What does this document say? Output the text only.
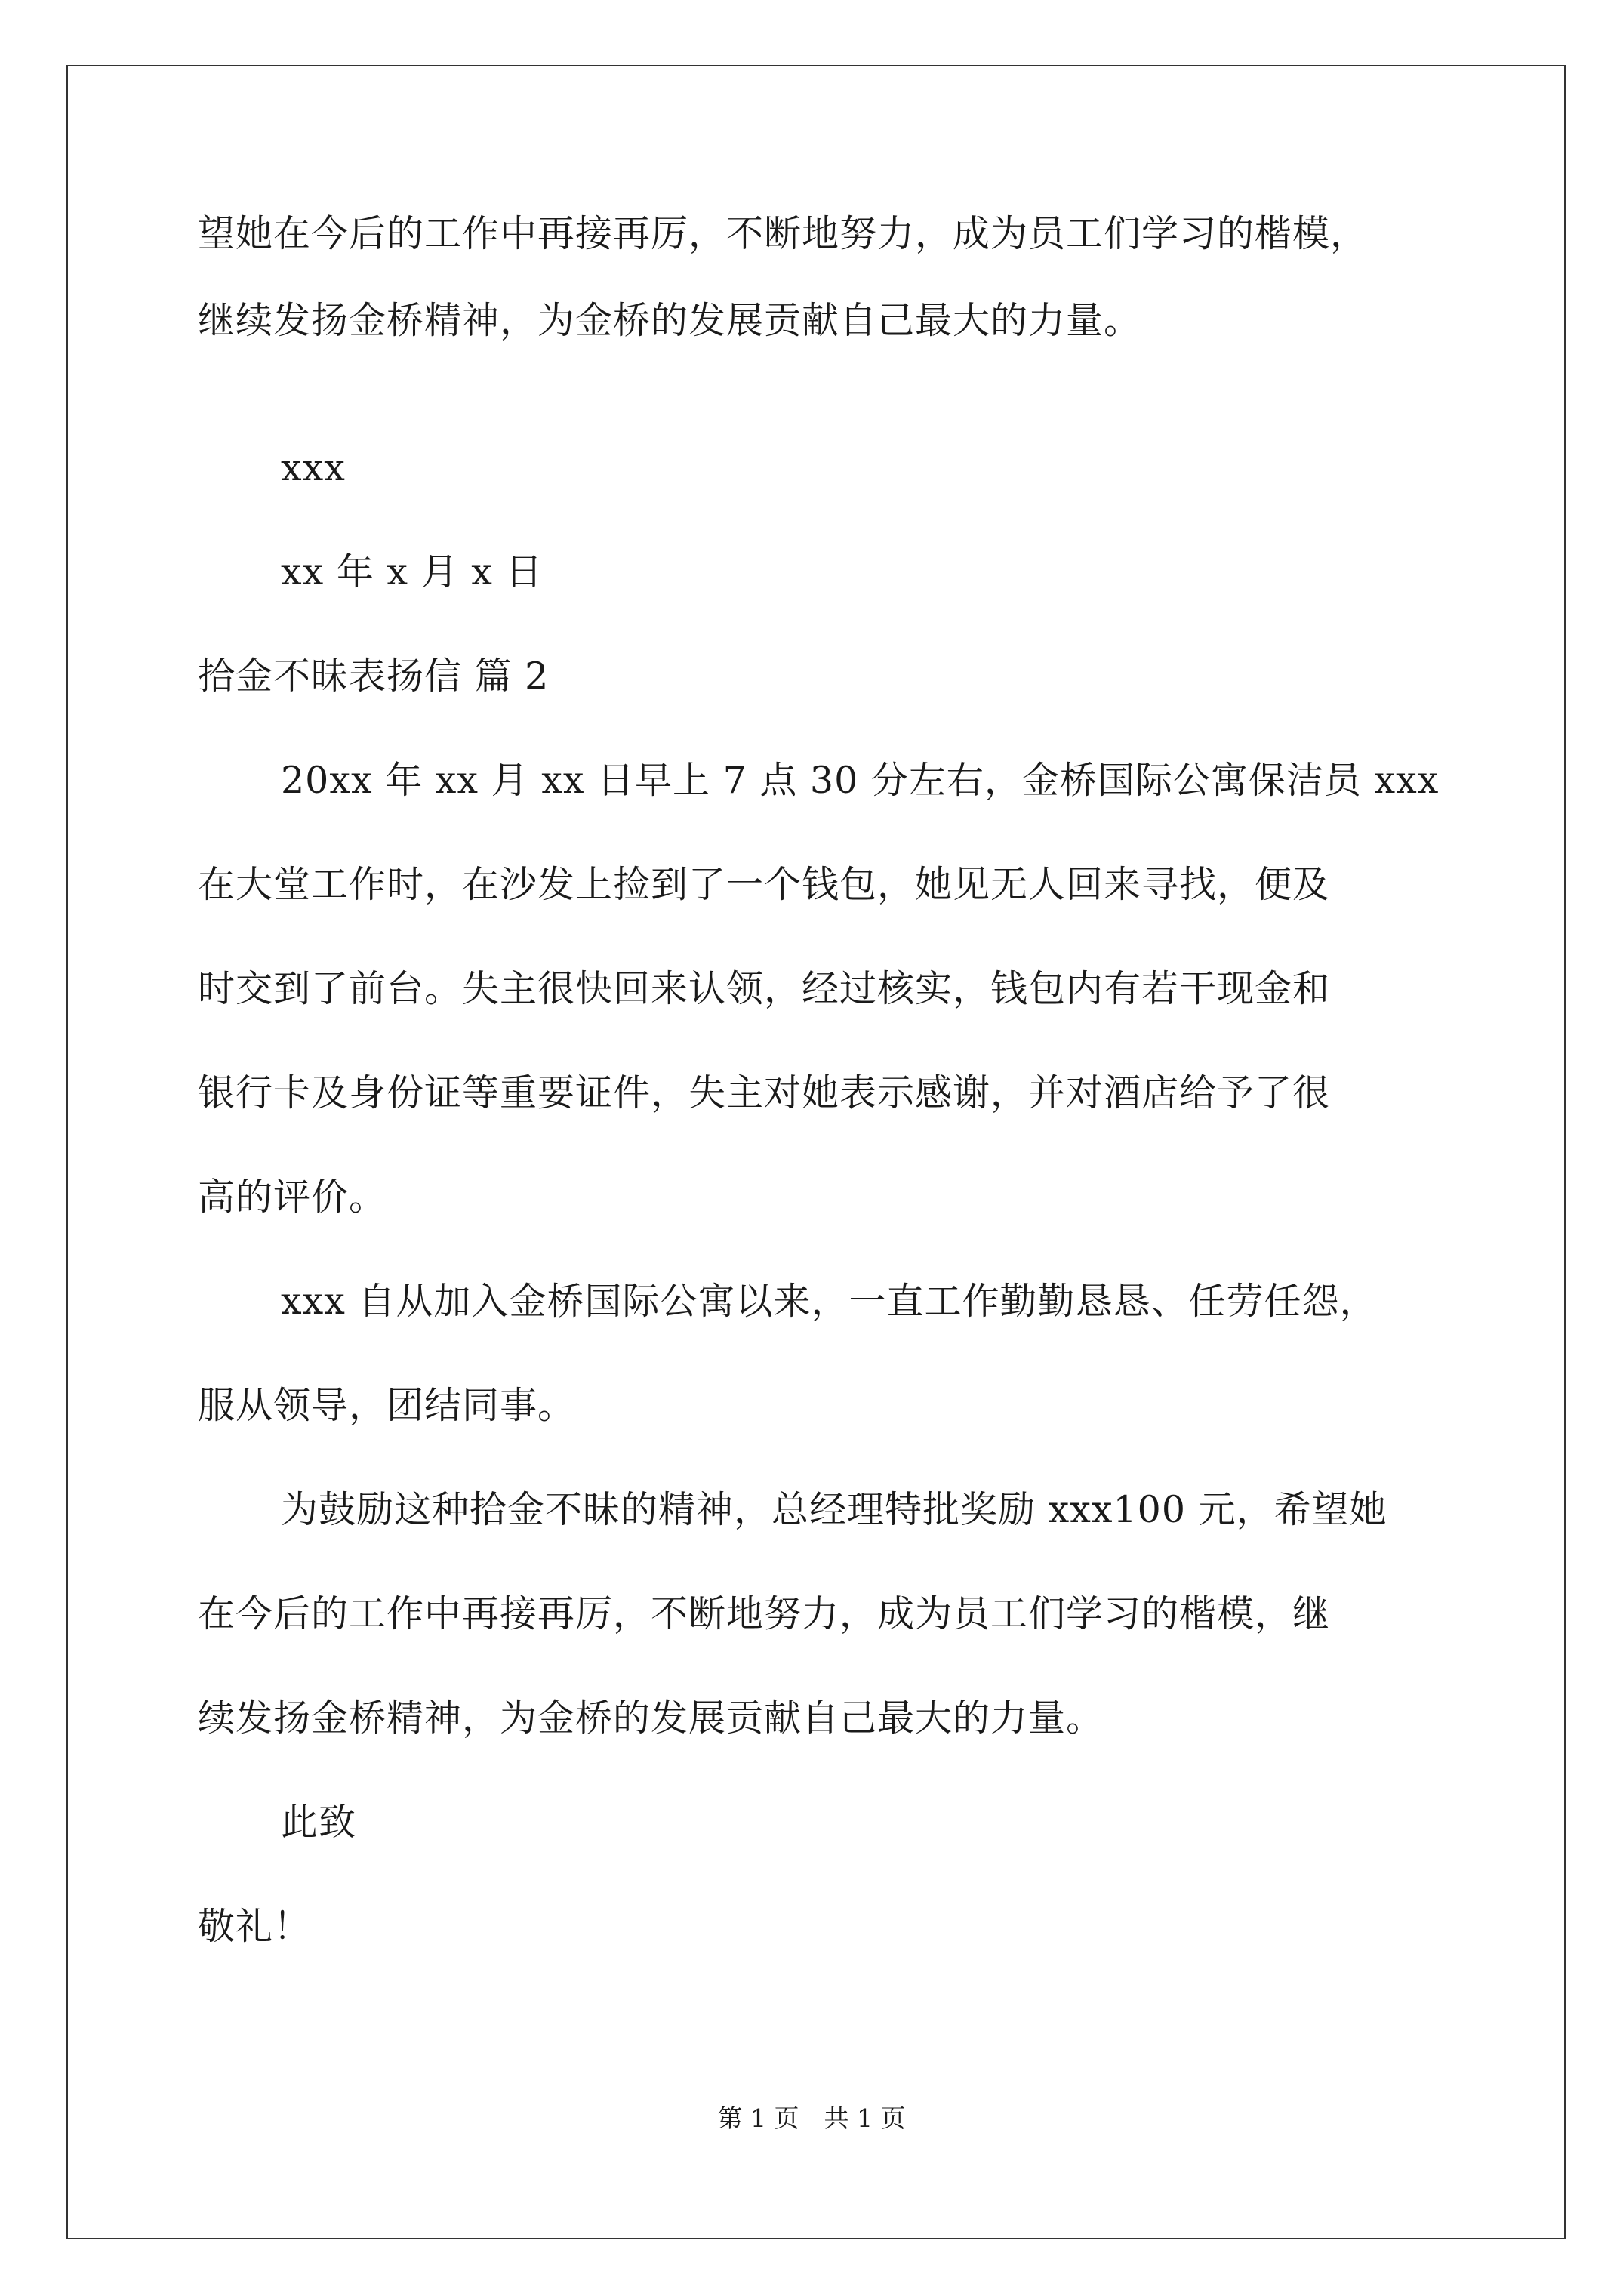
望她在今后的工作中再接再厉，不断地努力，成为员工们学习的楷模，
继续发扬金桥精神，为金桥的发展贡献自己最大的力量。
xxx
xx 年 x 月 x 日
拾金不昧表扬信 篇 2
20xx 年 xx 月 xx 日早上 7 点 30 分左右，金桥国际公寓保洁员 xxx
在大堂工作时，在沙发上捡到了一个钱包，她见无人回来寻找，便及
时交到了前台。失主很快回来认领，经过核实，钱包内有若干现金和
银行卡及身份证等重要证件，失主对她表示感谢，并对酒店给予了很
高的评价。
xxx 自从加入金桥国际公寓以来，一直工作勤勤恳恳、任劳任怨，
服从领导，团结同事。
为鼓励这种拾金不昧的精神，总经理特批奖励 xxx100 元，希望她
在今后的工作中再接再厉，不断地努力，成为员工们学习的楷模，继
续发扬金桥精神，为金桥的发展贡献自己最大的力量。
此致
敬礼！
第 1 页　共 1 页
